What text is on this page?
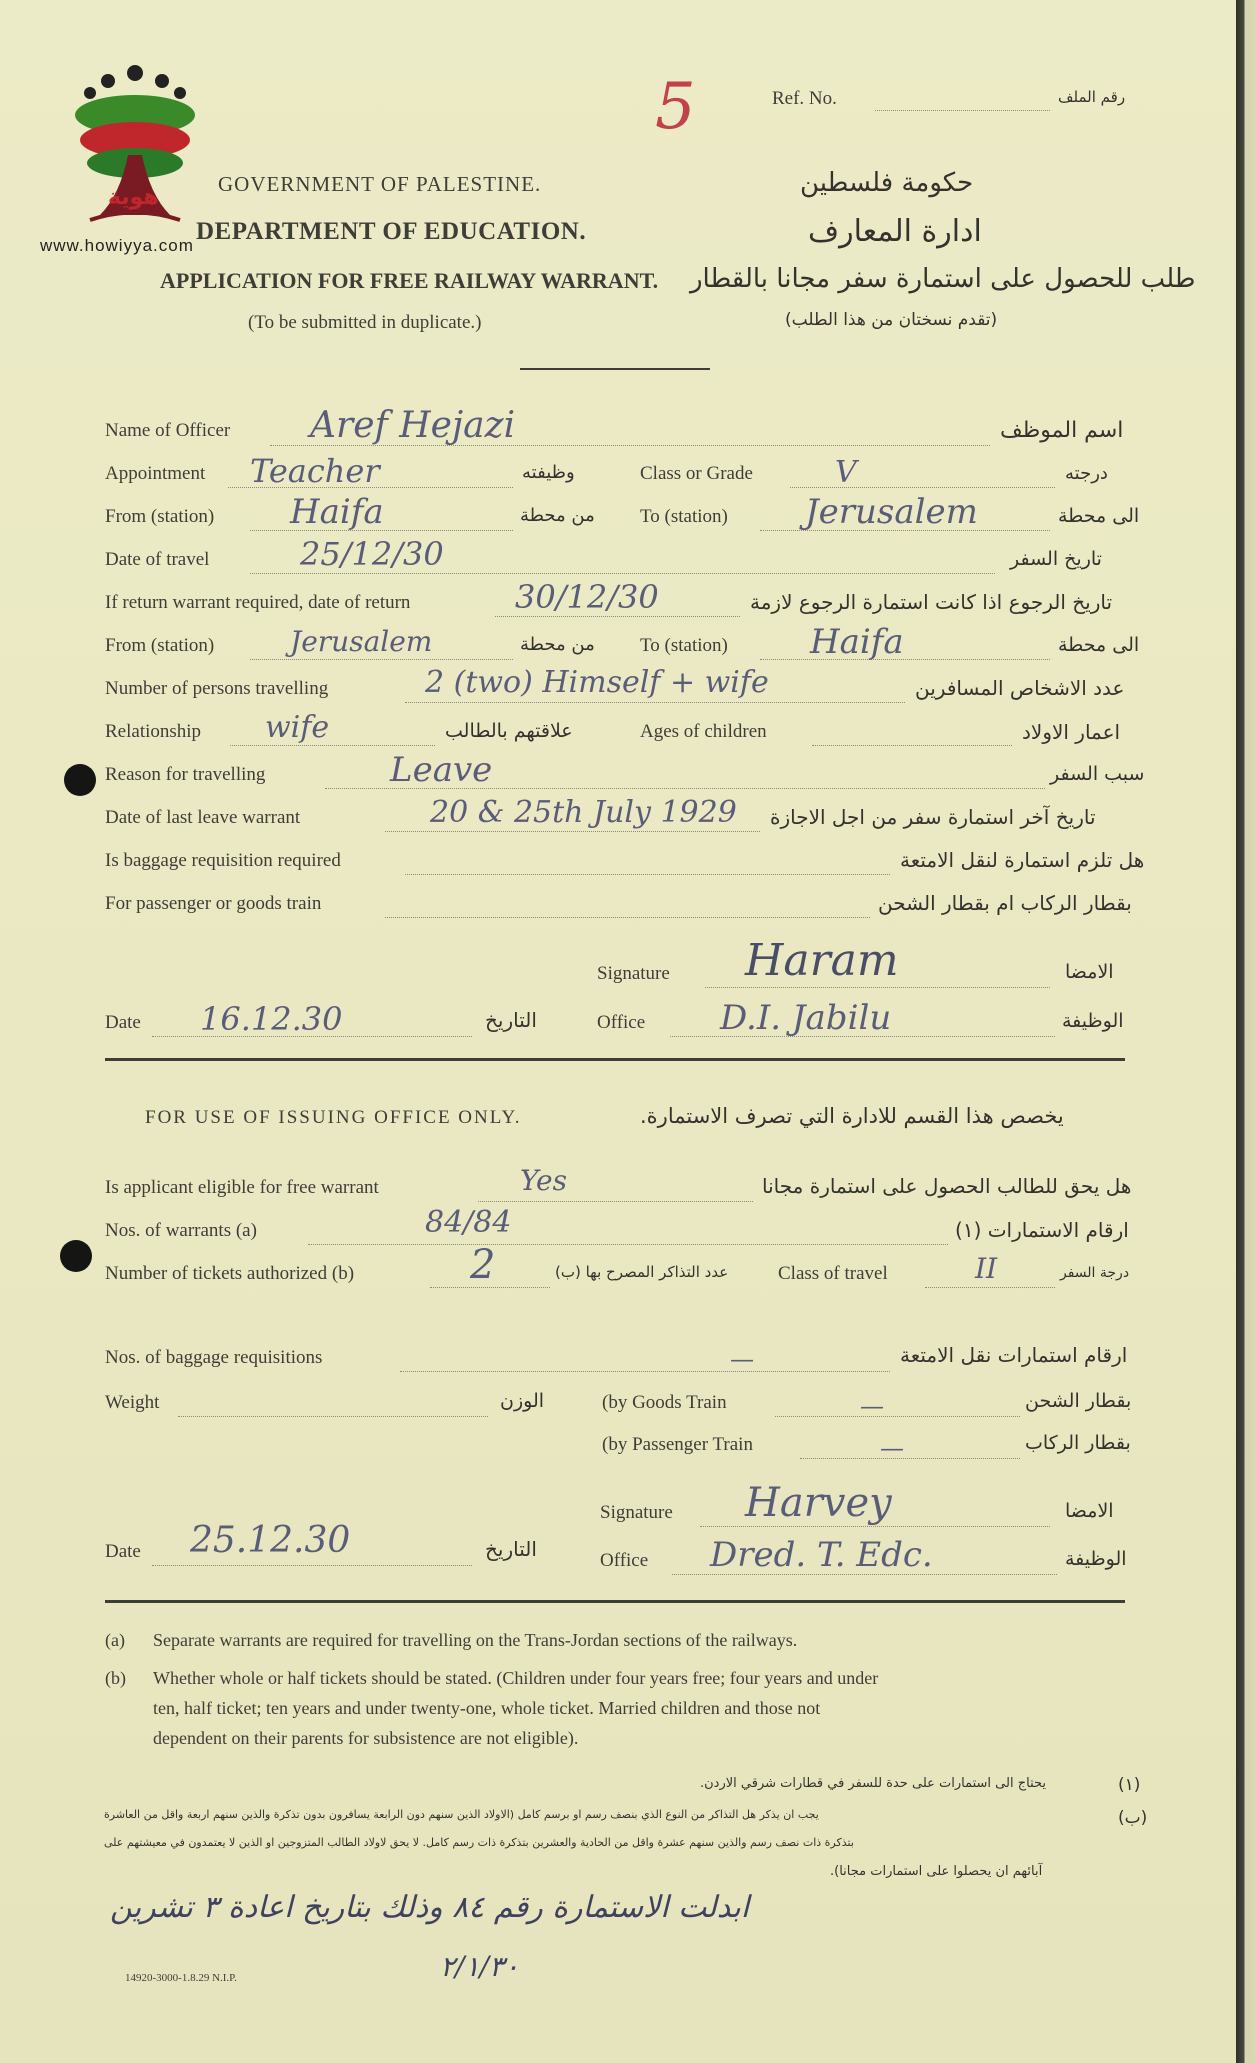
هوية
www.howiyya.com
5	Ref. No.	رقم الملف
GOVERNMENT OF PALESTINE.	حكومة فلسطين
DEPARTMENT OF EDUCATION.	ادارة المعارف
APPLICATION FOR FREE RAILWAY WARRANT. طلب للحصول على استمارة سفر مجانا بالقطار
(To be submitted in duplicate.)	(تقدم نسختان من هذا الطلب)
Name of Officer Aref Hejazi	اسم الموظف
Appointment Teacher	وظيفته	Class or Grade	V	درجته
From (station) Haifa	من محطة To (station) Jerusalem	الى محطة
Date of travel	25/12/30	تاريخ السفر
If return warrant required, date of return	30/12/30	تاريخ الرجوع اذا كانت استمارة الرجوع لازمة
From (station)	Jerusalem	من محطة To (station) Haifa	الى محطة
Number of persons travelling	2 (two) Himself + wife	عدد الاشخاص المسافرين
Relationship wife	علاقتهم بالطالب	Ages of children	اعمار الاولاد
Reason for travelling	Leave	سبب السفر
Date of last leave warrant	20 & 25th July 1929 تاريخ آخر استمارة سفر من اجل الاجازة
Is baggage requisition required	هل تلزم استمارة لنقل الامتعة
For passenger or goods train	بقطار الركاب ام بقطار الشحن
Signature Haram	الامضا
Date 16.12.30	التاريخ	Office D.I. Jabilu	الوظيفة
FOR USE OF ISSUING OFFICE ONLY.	يخصص هذا القسم للادارة التي تصرف الاستمارة.
Is applicant eligible for free warrant	Yes	هل يحق للطالب الحصول على استمارة مجانا
Nos. of warrants (a)	84/84	ارقام الاستمارات (١)
Number of tickets authorized (b)	2	عدد التذاكر المصرح بها (ب)	Class of travel	II	درجة السفر
Nos. of baggage requisitions	—	ارقام استمارات نقل الامتعة
Weight	الوزن	(by Goods Train	—	بقطار الشحن
(by Passenger Train	—	بقطار الركاب
Signature Harvey	الامضا
Date 25.12.30	التاريخ	Office Dred. T. Edc.	الوظيفة
(a) Separate warrants are required for travelling on the Trans-Jordan sections of the railways.
(b) Whether whole or half tickets should be stated. (Children under four years free; four years and under
ten, half ticket; ten years and under twenty-one, whole ticket. Married children and those not
dependent on their parents for subsistence are not eligible).
(١)
يحتاج الى استمارات على حدة للسفر في قطارات شرقي الاردن.
(ب)
يجب ان يذكر هل التذاكر من النوع الذي بنصف رسم او برسم كامل (الاولاد الذين سنهم دون الرابعة يسافرون بدون تذكرة والذين سنهم اربعة واقل من العاشرة
بتذكرة ذات نصف رسم والذين سنهم عشرة واقل من الحادية والعشرين بتذكرة ذات رسم كامل. لا يحق لاولاد الطالب المتزوجين او الذين لا يعتمدون في معيشتهم على
آبائهم ان يحصلوا على استمارات مجانا).
ابدلت الاستمارة رقم ٨٤ وذلك بتاريخ اعادة ٣ تشرين
٢/١/٣٠
14920-3000-1.8.29 N.I.P.
